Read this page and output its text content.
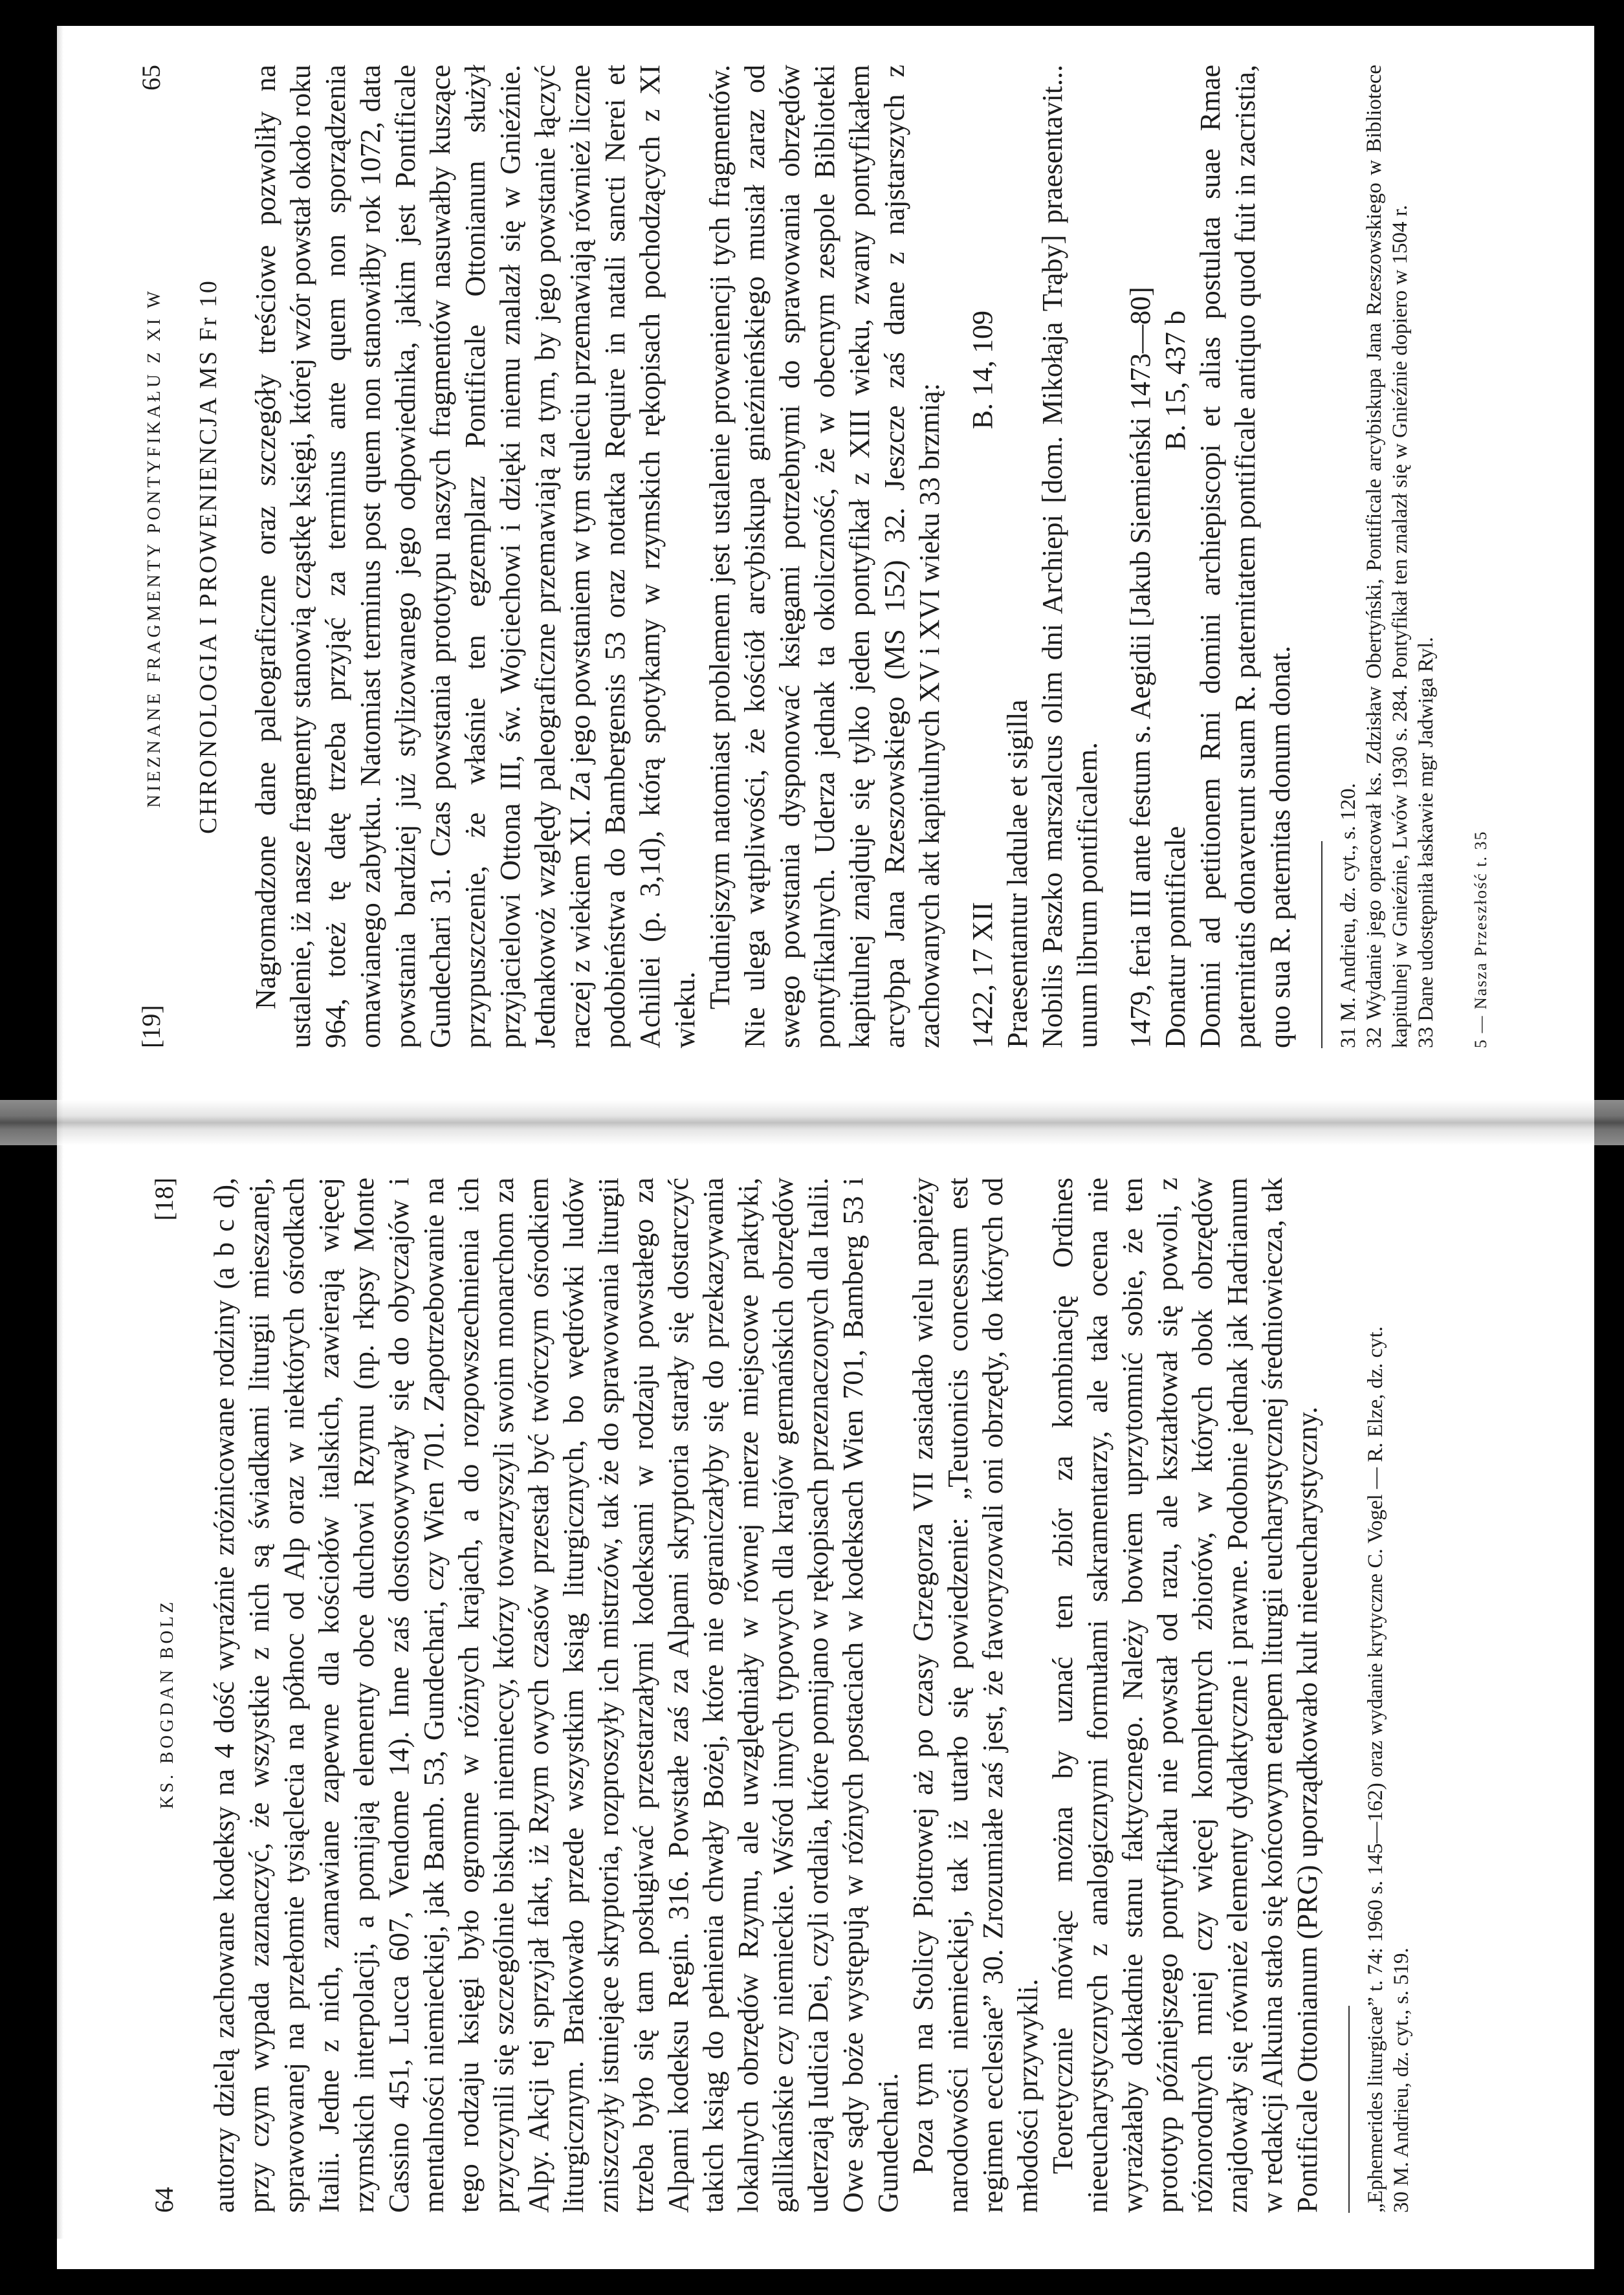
64
KS. BOGDAN BOLZ
[18] autorzy dzielą zachowane kodeksy na 4 dość wyraźnie zróżnicowane rodziny (a b c d), przy czym wypada zaznaczyć, że wszystkie z nich są świadkami liturgii mieszanej, sprawowanej na przełomie tysiąclecia na północ od Alp oraz w niektórych ośrodkach Italii. Jedne z nich, zamawiane zapewne dla kościołów italskich, zawierają więcej rzymskich interpolacji, a pomijają elementy obce duchowi Rzymu (np. rkpsy Monte Cassino 451, Lucca 607, Vendome 14). Inne zaś dostosowywały się do obyczajów i mentalności niemieckiej, jak Bamb. 53, Gundechari, czy Wien 701. Zapotrzebowanie na tego rodzaju księgi było ogromne w różnych krajach, a do rozpowszechnienia ich przyczynili się szczególnie biskupi niemieccy, którzy towarzyszyli swoim monarchom za Alpy. Akcji tej sprzyjał fakt, iż Rzym owych czasów przestał być twórczym ośrodkiem liturgicznym. Brakowało przede wszystkim ksiąg liturgicznych, bo wędrówki ludów zniszczyły istniejące skryptoria, rozproszyły ich mistrzów, tak że do sprawowania liturgii trzeba było się tam posługiwać przestarzałymi kodeksami w rodzaju powstałego za Alpami kodeksu Regin. 316. Powstałe zaś za Alpami skryptoria starały się dostarczyć takich ksiąg do pełnienia chwały Bożej, które nie ograniczałyby się do przekazywania lokalnych obrzędów Rzymu, ale uwzględniały w równej mierze miejscowe praktyki, gallikańskie czy niemieckie. Wśród innych typowych dla krajów germańskich obrzędów uderzają Iudicia Dei, czyli ordalia, które pomijano w rękopisach przeznaczonych dla Italii. Owe sądy boże występują w różnych postaciach w kodeksach Wien 701, Bamberg 53 i Gundechari. Poza tym na Stolicy Piotrowej aż po czasy Grzegorza VII zasiadało wielu papieży narodowości niemieckiej, tak iż utarło się powiedzenie: „Teutonicis concessum est regimen ecclesiae” 30. Zrozumiałe zaś jest, że faworyzowali oni obrzędy, do których od młodości przywykli. Teoretycznie mówiąc można by uznać ten zbiór za kombinację Ordines nieeucharystycznych z analogicznymi formułami sakramentarzy, ale taka ocena nie wyrażałaby dokładnie stanu faktycznego. Należy bowiem uprzytomnić sobie, że ten prototyp późniejszego pontyfikału nie powstał od razu, ale kształtował się powoli, z różnorodnych mniej czy więcej kompletnych zbiorów, w których obok obrzędów znajdowały się również elementy dydaktyczne i prawne. Podobnie jednak jak Hadrianum w redakcji Alkuina stało się końcowym etapem liturgii eucharystycznej średniowiecza, tak Pontificale Ottonianum (PRG) uporządkowało kult nieeucharystyczny. „Ephemerides liturgicae” t. 74: 1960 s. 145—162) oraz wydanie krytyczne C. Vogel — R. Elze, dz. cyt. 30 M. Andrieu, dz. cyt., s. 519.

[19]
NIEZNANE FRAGMENTY PONTYFIKAŁU Z XI W
65
CHRONOLOGIA I PROWENIENCJA MS Fr 10 Nagromadzone dane paleograficzne oraz szczegóły treściowe pozwoliły na ustalenie, iż nasze fragmenty stanowią cząstkę księgi, której wzór powstał około roku 964, toteż tę datę trzeba przyjąć za terminus ante quem non sporządzenia omawianego zabytku. Natomiast terminus post quem non stanowiłby rok 1072, data powstania bardziej już stylizowanego jego odpowiednika, jakim jest Pontificale Gundechari 31. Czas powstania prototypu naszych fragmentów nasuwałby kuszące przypuszczenie, że właśnie ten egzemplarz Pontificale Ottonianum służył przyjacielowi Ottona III, św. Wojciechowi i dzięki niemu znalazł się w Gnieźnie. Jednakowoż względy paleograficzne przemawiają za tym, by jego powstanie łączyć raczej z wiekiem XI. Za jego powstaniem w tym stuleciu przemawiają również liczne podobieństwa do Bambergensis 53 oraz notatka Require in natali sancti Nerei et Achillei (p. 3,1d), którą spotykamy w rzymskich rękopisach pochodzących z XI wieku.

Trudniejszym natomiast problemem jest ustalenie proweniencji tych fragmentów. Nie ulega wątpliwości, że kościół arcybiskupa gnieźnieńskiego musiał zaraz od swego powstania dysponować księgami potrzebnymi do sprawowania obrzędów pontyfikalnych. Uderza jednak ta okoliczność, że w obecnym zespole Biblioteki kapitulnej znajduje się tylko jeden pontyfikał z XIII wieku, zwany pontyfikałem arcybpa Jana Rzeszowskiego (MS 152) 32. Jeszcze zaś dane z najstarszych z zachowanych akt kapitulnych XV i XVI wieku 33 brzmią: 1422, 17 XII
B. 14, 109

Praesentantur ladulae et sigilla Nobilis Paszko marszalcus olim dni Archiepi [dom. Mikołaja Trąby] praesentavit... unum librum pontificalem. 1479, feria III ante festum s. Aegidii [Jakub Siemieński 1473—80] Donatur pontificale
B. 15, 437 b Domini ad petitionem Rmi domini archiepiscopi et alias postulata suae Rmae paternitatis donaverunt suam R. paternitatem pontificale antiquo quod fuit in zacristia, quo sua R. paternitas donum donat. 31 M. Andrieu, dz. cyt., s. 120. 32 Wydanie jego opracował ks. Zdzisław Obertyński, Pontificale arcybiskupa Jana Rzeszowskiego w Bibliotece kapitulnej w Gnieźnie, Lwów 1930 s. 284. Pontyfikał ten znalazł się w Gnieźnie dopiero w 1504 r. 33 Dane udostępniła łaskawie mgr Jadwiga Ryl. 5 — Nasza Przeszłość t. 35
